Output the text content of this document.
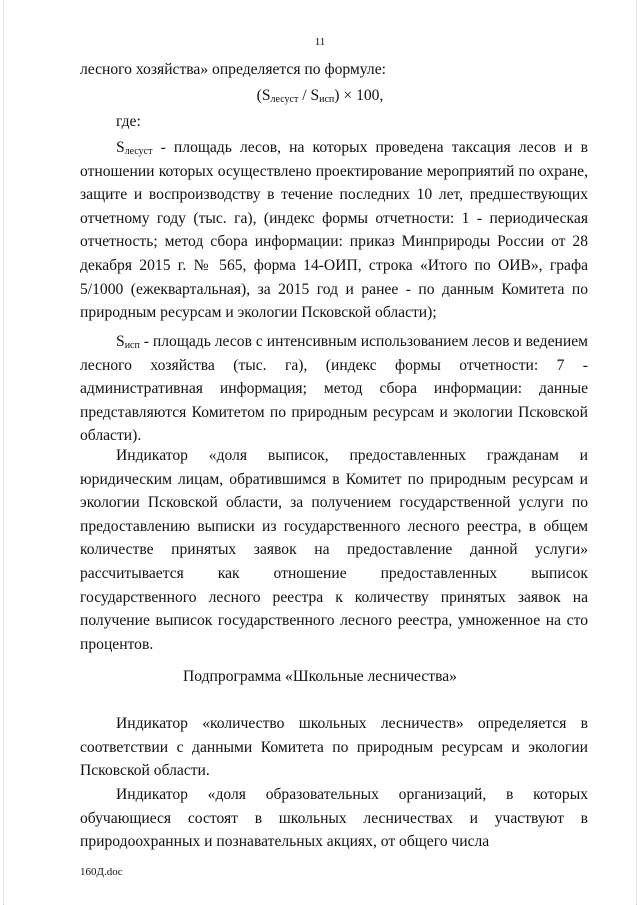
11

лесного хозяйства» определяется по формуле:

$(S_{лесуст} / S_{исп}) \times 100$,

где:

$S_{лесуст}$ - площадь лесов, на которых проведена таксация лесов и в отношении которых осуществлено проектирование мероприятий по охране, защите и воспроизводству в течение последних 10 лет, предшествующих отчетному году (тыс. га), (индекс формы отчетности: 1 - периодическая отчетность; метод сбора информации: приказ Минприроды России от 28 декабря 2015 г. № 565, форма 14-ОИП, строка «Итого по ОИВ», графа 5/1000 (ежеквартальная), за 2015 год и ранее - по данным Комитета по природным ресурсам и экологии Псковской области);

$S_{исп}$ - площадь лесов с интенсивным использованием лесов и ведением лесного хозяйства (тыс. га), (индекс формы отчетности: 7 - административная информация; метод сбора информации: данные представляются Комитетом по природным ресурсам и экологии Псковской области).

Индикатор «доля выписок, предоставленных гражданам и юридическим лицам, обратившимся в Комитет по природным ресурсам и экологии Псковской области, за получением государственной услуги по предоставлению выписки из государственного лесного реестра, в общем количестве принятых заявок на предоставление данной услуги» рассчитывается как отношение предоставленных выписок государственного лесного реестра к количеству принятых заявок на получение выписок государственного лесного реестра, умноженное на сто процентов.

Подпрограмма «Школьные лесничества»

Индикатор «количество школьных лесничеств» определяется в соответствии с данными Комитета по природным ресурсам и экологии Псковской области.

Индикатор «доля образовательных организаций, в которых обучающиеся состоят в школьных лесничествах и участвуют в природоохранных и познавательных акциях, от общего числа

160Д.doc
